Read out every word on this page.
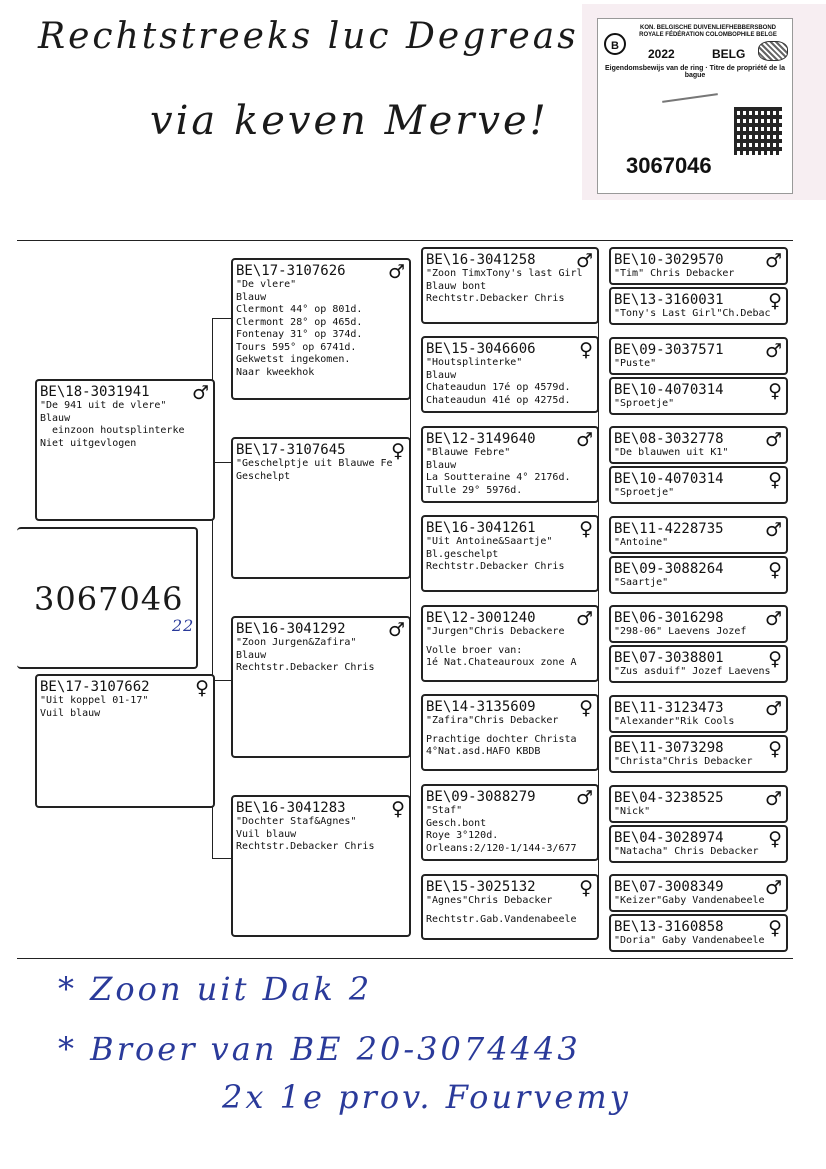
Rechtstreeks luc Degreas
via keven Merve!
B
KON. BELGISCHE DUIVENLIEFHEBBERSBOND
ROYALE FÉDÉRATION COLOMBOPHILE BELGE
2022	BELG
Eigendomsbewijs van de ring · Titre de propriété de la bague
3067046
3067046
22
BE\18-3031941	♂
"De 941 uit de vlere"
Blauw
einzoon houtsplinterke
Niet uitgevlogen
BE\17-3107662	♀
"Uit koppel 01-17"
Vuil blauw
BE\17-3107626	♂
"De vlere"
Blauw
Clermont 44° op 801d.
Clermont 28° op 465d.
Fontenay 31° op 374d.
Tours 595° op 6741d.
Gekwetst ingekomen.
Naar kweekhok
BE\17-3107645	♀
"Geschelptje uit Blauwe Fe
Geschelpt
BE\16-3041292	♂
"Zoon Jurgen&Zafira"
Blauw
Rechtstr.Debacker Chris
BE\16-3041283	♀
"Dochter Staf&Agnes"
Vuil blauw
Rechtstr.Debacker Chris
BE\16-3041258	♂
"Zoon TimxTony's last Girl
Blauw bont
Rechtstr.Debacker Chris
BE\15-3046606	♀
"Houtsplinterke"
Blauw
Chateaudun 17é op 4579d.
Chateaudun 41é op 4275d.
BE\12-3149640	♂
"Blauwe Febre"
Blauw
La Soutteraine 4° 2176d.
Tulle 29° 5976d.
BE\16-3041261	♀
"Uit Antoine&Saartje"
Bl.geschelpt
Rechtstr.Debacker Chris
BE\12-3001240	♂
"Jurgen"Chris Debackere
Volle broer van:
1é Nat.Chateauroux zone A
BE\14-3135609	♀
"Zafira"Chris Debacker
Prachtige dochter Christa
4°Nat.asd.HAFO KBDB
BE\09-3088279	♂
"Staf"
Gesch.bont
Roye 3°120d.
Orleans:2/120-1/144-3/677
BE\15-3025132	♀
"Agnes"Chris Debacker
Rechtstr.Gab.Vandenabeele
BE\10-3029570	♂
"Tim" Chris Debacker
BE\13-3160031	♀
"Tony's Last Girl"Ch.Debac
BE\09-3037571	♂
"Puste"
BE\10-4070314	♀
"Sproetje"
BE\08-3032778	♂
"De blauwen uit K1"
BE\10-4070314	♀
"Sproetje"
BE\11-4228735	♂
"Antoine"
BE\09-3088264	♀
"Saartje"
BE\06-3016298	♂
"298-06" Laevens Jozef
BE\07-3038801	♀
"Zus asduif" Jozef Laevens
BE\11-3123473	♂
"Alexander"Rik Cools
BE\11-3073298	♀
"Christa"Chris Debacker
BE\04-3238525	♂
"Nick"
BE\04-3028974	♀
"Natacha" Chris Debacker
BE\07-3008349	♂
"Keizer"Gaby Vandenabeele
BE\13-3160858	♀
"Doria" Gaby Vandenabeele
* Zoon uit Dak 2
* Broer van BE 20-3074443
2x 1e prov. Fourvemy
